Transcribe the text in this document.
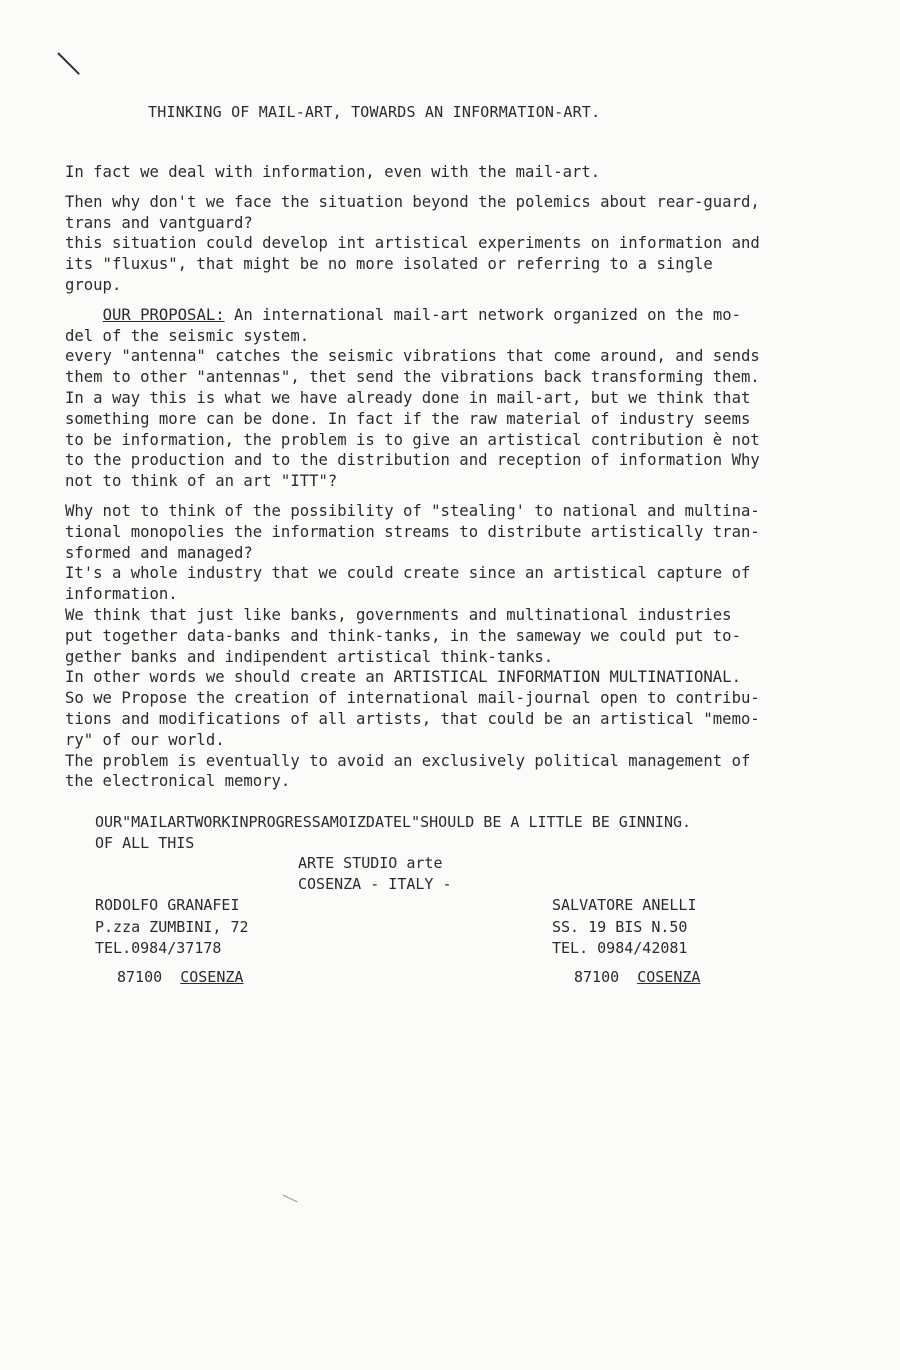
THINKING OF MAIL-ART, TOWARDS AN INFORMATION-ART.
In fact we deal with information, even with the mail-art.
Then why don't we face the situation beyond the polemics about rear-guard,
trans and vantguard?
this situation could develop int artistical experiments on information and
its "fluxus", that might be no more isolated or referring to a single
group.
OUR PROPOSAL: An international mail-art network organized on the mo-
del of the seismic system.
every "antenna" catches the seismic vibrations that come around, and sends
them to other "antennas", thet send the vibrations back transforming them.
In a way this is what we have already done in mail-art, but we think that
something more can be done. In fact if the raw material of industry seems
to be information, the problem is to give an artistical contribution è not
to the production and to the distribution and reception of information Why
not to think of an art "ITT"?
Why not to think of the possibility of "stealing' to national and multina-
tional monopolies the information streams to distribute artistically tran-
sformed and managed?
It's a whole industry that we could create since an artistical capture of
information.
We think that just like banks, governments and multinational industries
put together data-banks and think-tanks, in the sameway we could put to-
gether banks and indipendent artistical think-tanks.
In other words we should create an ARTISTICAL INFORMATION MULTINATIONAL.
So we Propose the creation of international mail-journal open to contribu-
tions and modifications of all artists, that could be an artistical "memo-
ry" of our world.
The problem is eventually to avoid an exclusively political management of
the electronical memory.
OUR"MAILARTWORKINPROGRESSAMOIZDATEL"SHOULD BE A LITTLE BE GINNING.
OF ALL THIS
ARTE STUDIO arte
COSENZA - ITALY -
RODOLFO GRANAFEI
P.zza ZUMBINI, 72
TEL.0984/37178
SALVATORE ANELLI
SS. 19 BIS N.50
TEL. 0984/42081
87100 COSENZA	87100 COSENZA
